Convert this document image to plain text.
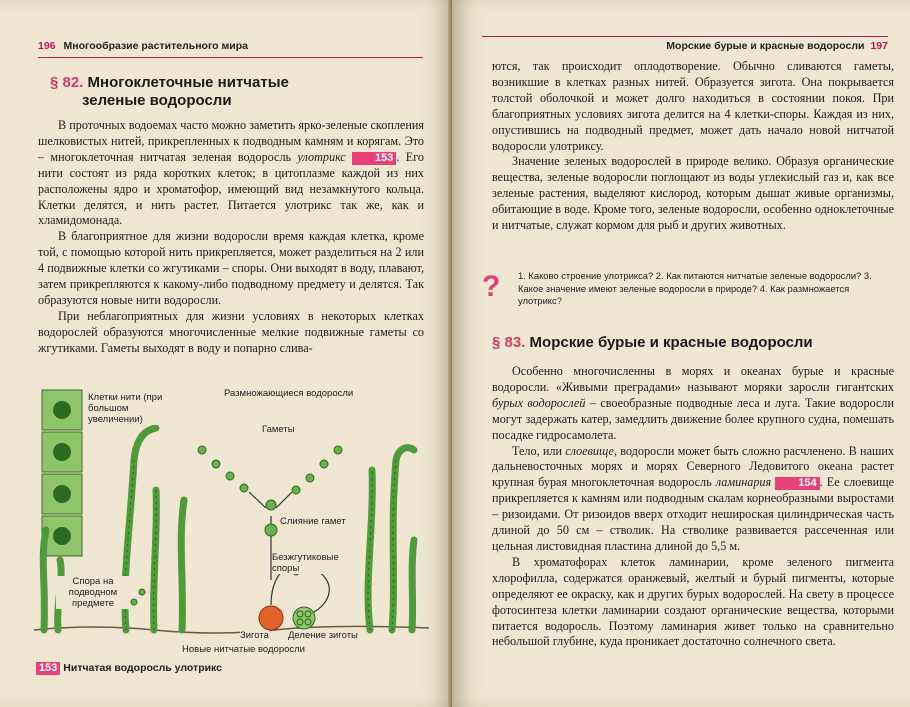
196 Многообразие растительного мира
§ 82. Многоклеточные нитчатые
зеленые водоросли

В проточных водоемах часто можно заметить ярко-зеленые скопления шелковистых нитей, прикрепленных к подводным камням и корягам. Это – многоклеточная нитчатая зеленая водоросль улотрикс	153 . Его нити состоят из ряда коротких клеток; в цитоплазме каждой из них расположены ядро и хроматофор, имеющий вид незамкнутого кольца. Клетки делятся, и нить растет. Питается улотрикс так же, как и хламидомонада.

В благоприятное для жизни водоросли время каждая клетка, кроме той, с помощью которой нить прикрепляется, может разделиться на 2 или 4 подвижные клетки со жгутиками – споры. Они выходят в воду, плавают, затем прикрепляются к какому-либо подводному предмету и делятся. Так образуются новые нити водоросли.

При неблагоприятных для жизни условиях в некоторых клетках водорослей образуются многочисленные мелкие подвижные гаметы со жгутиками. Гаметы выходят в воду и попарно слива-

Клетки нити (при большом увеличении)
Размножающиеся водоросли
Гаметы
Слияние гамет
Безжгутиковые споры
Спора на подводном предмете
Зигота Деление зиготы
Новые нитчатые водоросли
153 Нитчатая водоросль улотрикс
Морские бурые и красные водоросли 197

ются, так происходит оплодотворение. Обычно сливаются гаметы, возникшие в клетках разных нитей. Образуется зигота. Она покрывается толстой оболочкой и может долго находиться в состоянии покоя. При благоприятных условиях зигота делится на 4 клетки-споры. Каждая из них, опустившись на подводный предмет, может дать начало новой нитчатой водоросли улотриксу.

Значение зеленых водорослей в природе велико. Образуя органические вещества, зеленые водоросли поглощают из воды углекислый газ и, как все зеленые растения, выделяют кислород, которым дышат живые организмы, обитающие в воде. Кроме того, зеленые водоросли, особенно одноклеточные и нитчатые, служат кормом для рыб и других животных.

? 1. Каково строение улотрикса? 2. Как питаются нитчатые зеленые водоросли? 3. Какое значение имеют зеленые водоросли в природе? 4. Как размножается улотрикс?
§ 83. Морские бурые и красные водоросли

Особенно многочисленны в морях и океанах бурые и красные водоросли. «Живыми преградами» называют моряки заросли гигантских бурых водорослей – своеобразные подводные леса и луга. Такие водоросли могут задержать катер, замедлить движение более крупного судна, помешать посадке гидросамолета.

Тело, или слоевище, водоросли может быть сложно расчленено. В наших дальневосточных морях и морях Северного Ледовитого океана растет крупная бурая многоклеточная водоросль ламинария 154 . Ее слоевище прикрепляется к камням или подводным скалам корнеобразными выростами – ризоидами. От ризоидов вверх отходит нешироская цилиндрическая часть длиной до 50 см – стволик. На стволике развивается рассеченная или цельная листовидная пластина длиной до 5,5 м.

В хроматофорах клеток ламинарии, кроме зеленого пигмента хлорофилла, содержатся оранжевый, желтый и бурый пигменты, которые определяют ее окраску, как и других бурых водорослей. На свету в процессе фотосинтеза клетки ламинарии создают органические вещества, которыми питается водоросль. Поэтому ламинария живет только на сравнительно небольшой глубине, куда проникает достаточно солнечного света.
